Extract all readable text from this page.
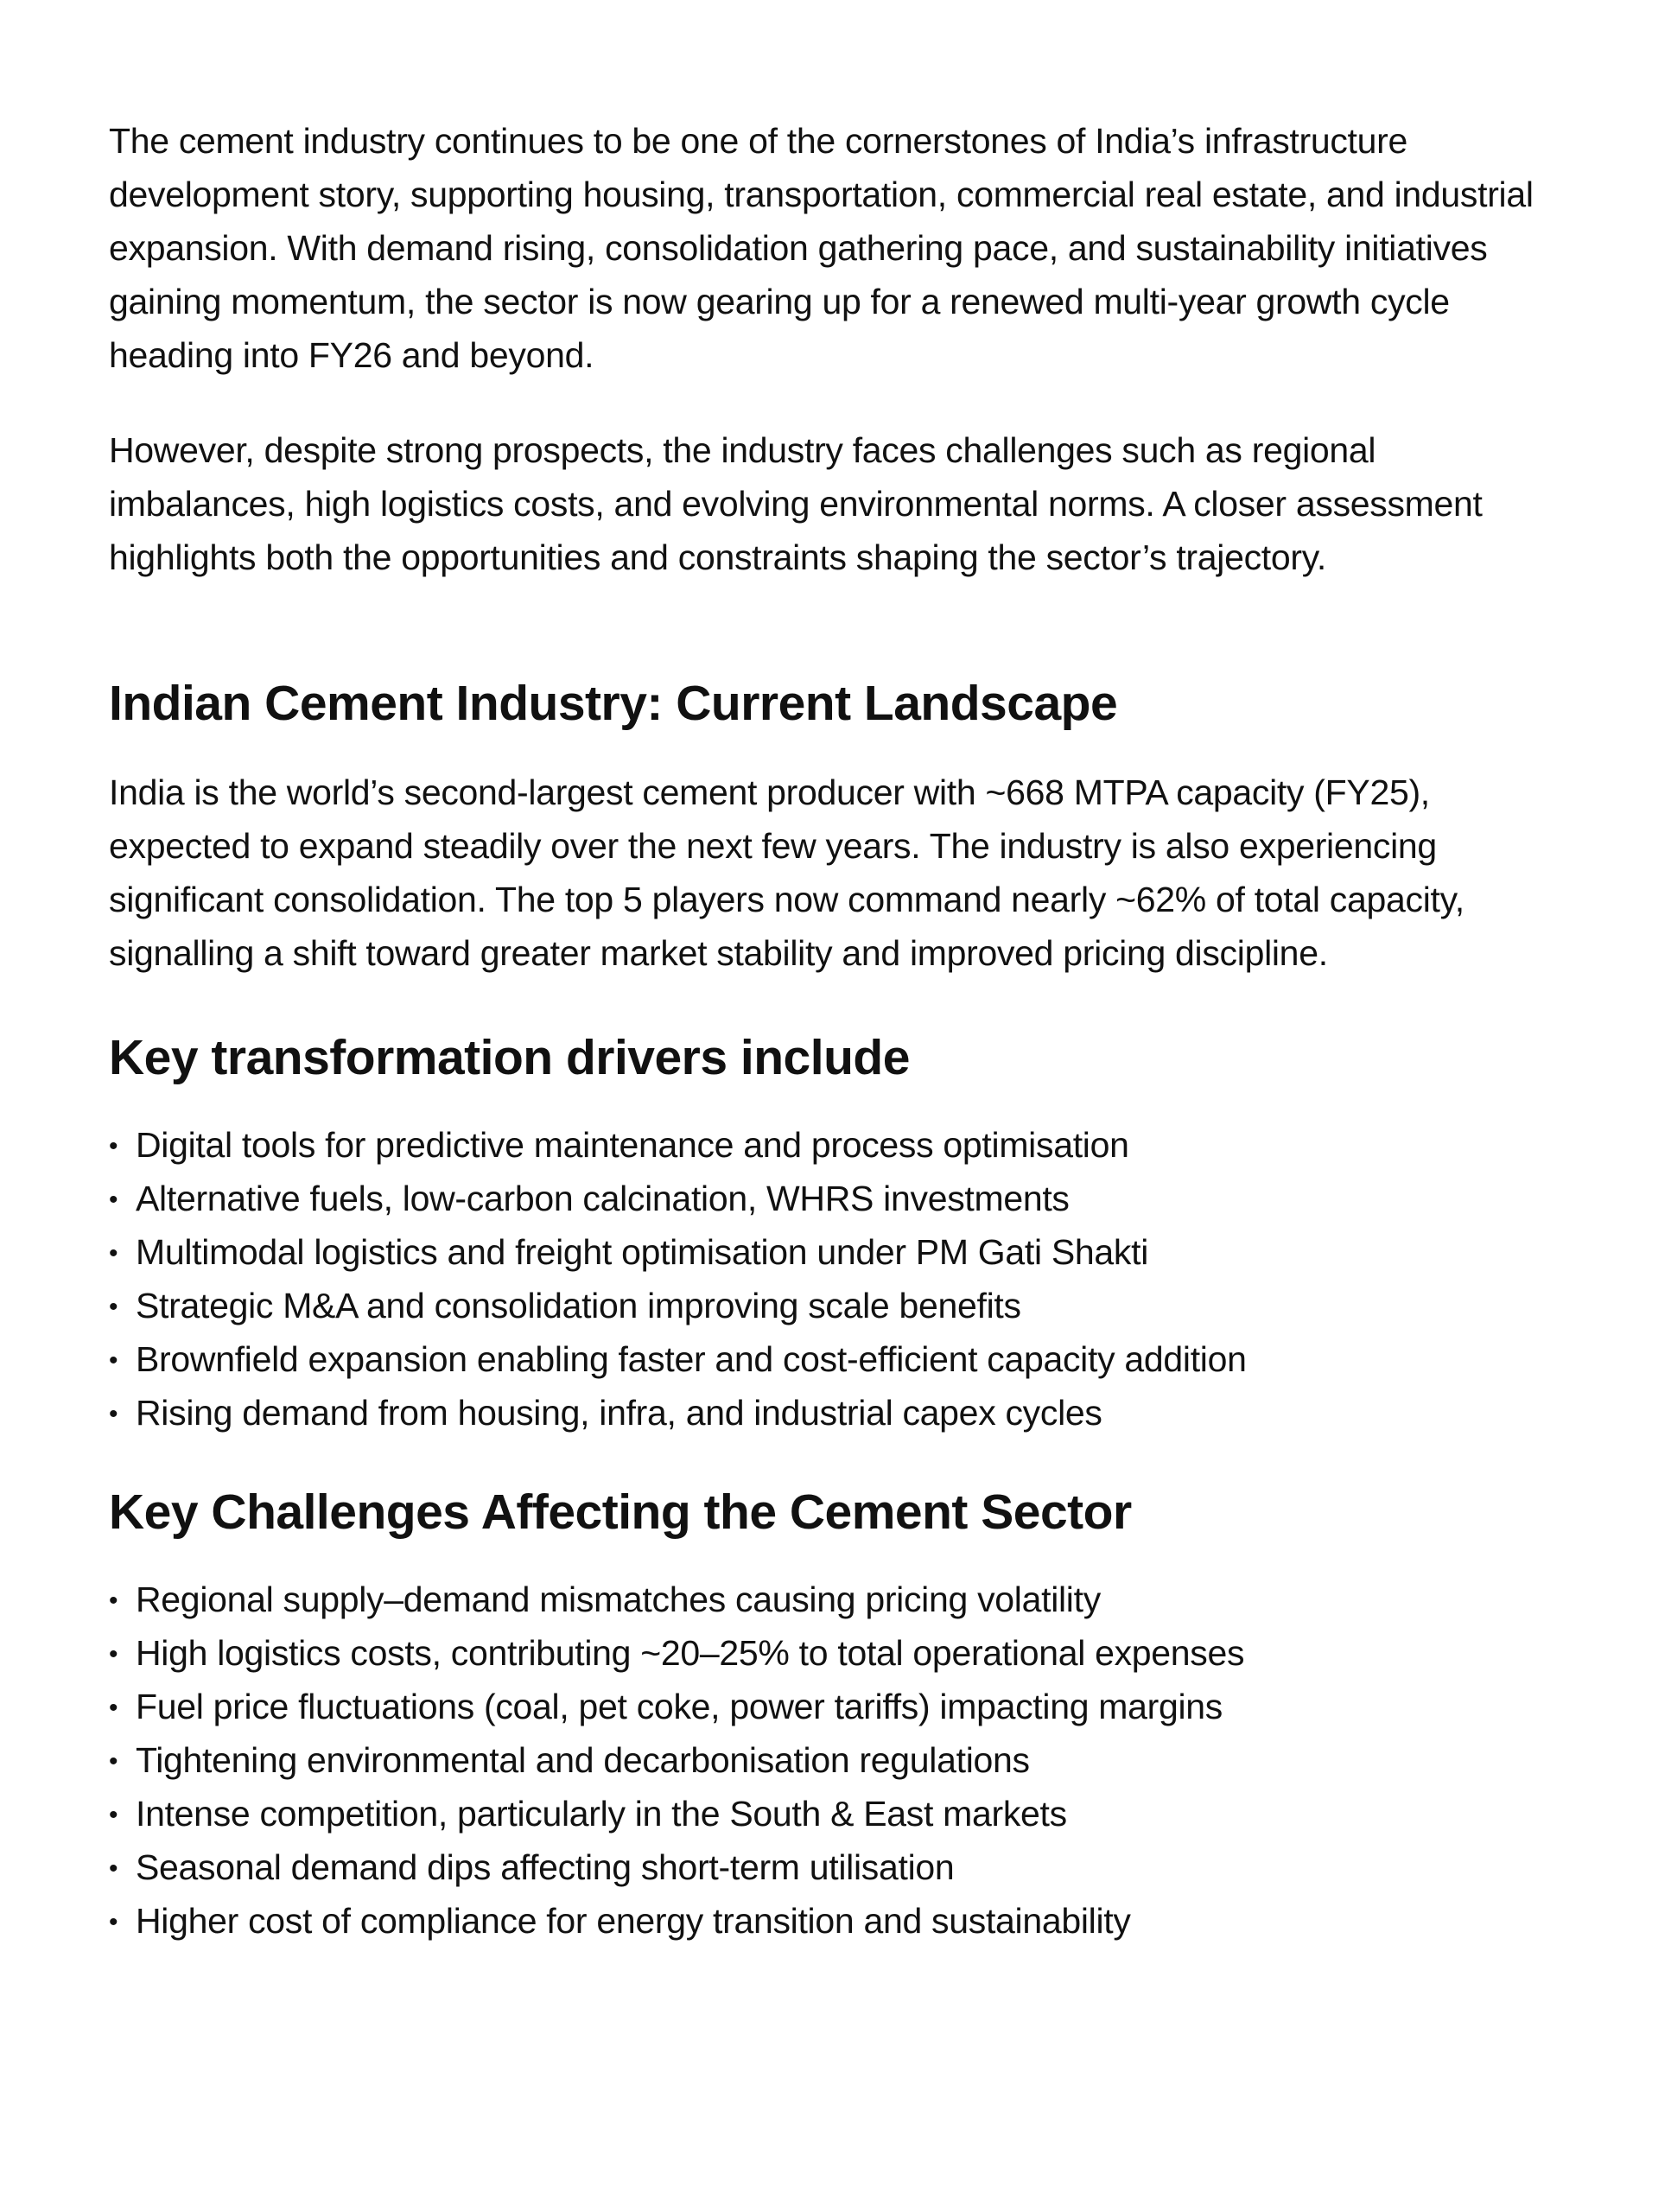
The cement industry continues to be one of the cornerstones of India’s infrastructure development story, supporting housing, transportation, commercial real estate, and industrial expansion. With demand rising, consolidation gathering pace, and sustainability initiatives gaining momentum, the sector is now gearing up for a renewed multi-year growth cycle heading into FY26 and beyond.

However, despite strong prospects, the industry faces challenges such as regional imbalances, high logistics costs, and evolving environmental norms. A closer assessment highlights both the opportunities and constraints shaping the sector’s trajectory.

Indian Cement Industry: Current Landscape

India is the world’s second-largest cement producer with ~668 MTPA capacity (FY25), expected to expand steadily over the next few years. The industry is also experiencing significant consolidation. The top 5 players now command nearly ~62% of total capacity, signalling a shift toward greater market stability and improved pricing discipline.

Key transformation drivers include
• Digital tools for predictive maintenance and process optimisation
• Alternative fuels, low-carbon calcination, WHRS investments
• Multimodal logistics and freight optimisation under PM Gati Shakti
• Strategic M&A and consolidation improving scale benefits
• Brownfield expansion enabling faster and cost-efficient capacity addition
• Rising demand from housing, infra, and industrial capex cycles
Key Challenges Affecting the Cement Sector
• Regional supply–demand mismatches causing pricing volatility
• High logistics costs, contributing ~20–25% to total operational expenses
• Fuel price fluctuations (coal, pet coke, power tariffs) impacting margins
• Tightening environmental and decarbonisation regulations
• Intense competition, particularly in the South & East markets
• Seasonal demand dips affecting short-term utilisation
• Higher cost of compliance for energy transition and sustainability
